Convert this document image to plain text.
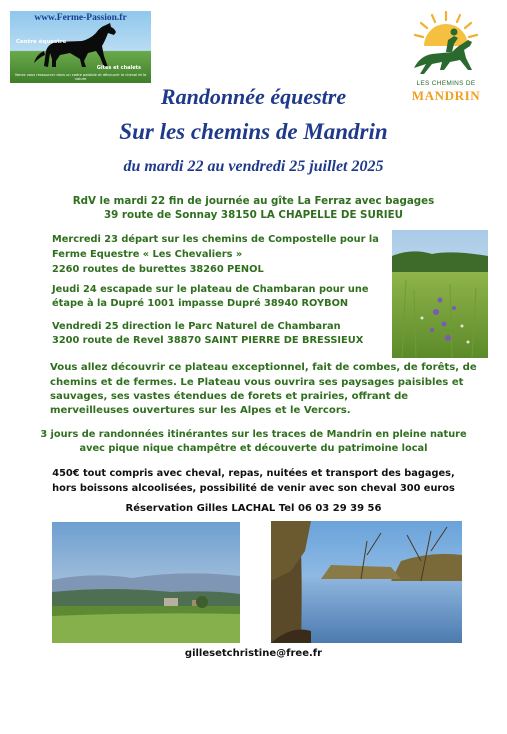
www.Ferme-Passion.fr
Centre équestre
Gîtes et chalets
Venez vous ressourcer dans un cadre paisible et découvrir le cheval et la nature
LES CHEMINS DE
MANDRIN
Randonnée équestre
Sur les chemins de Mandrin
du mardi 22 au vendredi 25 juillet 2025
RdV le mardi 22 fin de journée au gîte La Ferraz avec bagages
39 route de Sonnay 38150 LA CHAPELLE DE SURIEU
Mercredi 23 départ sur les chemins de Compostelle pour la
Ferme Equestre « Les Chevaliers »
2260 routes de burettes 38260 PENOL
Jeudi 24 escapade sur le plateau de Chambaran pour une
étape à la Dupré 1001 impasse Dupré 38940 ROYBON
Vendredi 25 direction le Parc Naturel de Chambaran
3200 route de Revel 38870 SAINT PIERRE DE BRESSIEUX
Vous allez découvrir ce plateau exceptionnel, fait de combes, de forêts, de
chemins et de fermes. Le Plateau vous ouvrira ses paysages paisibles et
sauvages, ses vastes étendues de forets et prairies, offrant de
merveilleuses ouvertures sur les Alpes et le Vercors.
3 jours de randonnées itinérantes sur les traces de Mandrin en pleine nature
avec pique nique champêtre et découverte du patrimoine local
450€ tout compris avec cheval, repas, nuitées et transport des bagages,
hors boissons alcoolisées, possibilité de venir avec son cheval 300 euros
Réservation Gilles LACHAL Tel 06 03 29 39 56
gillesetchristine@free.fr
